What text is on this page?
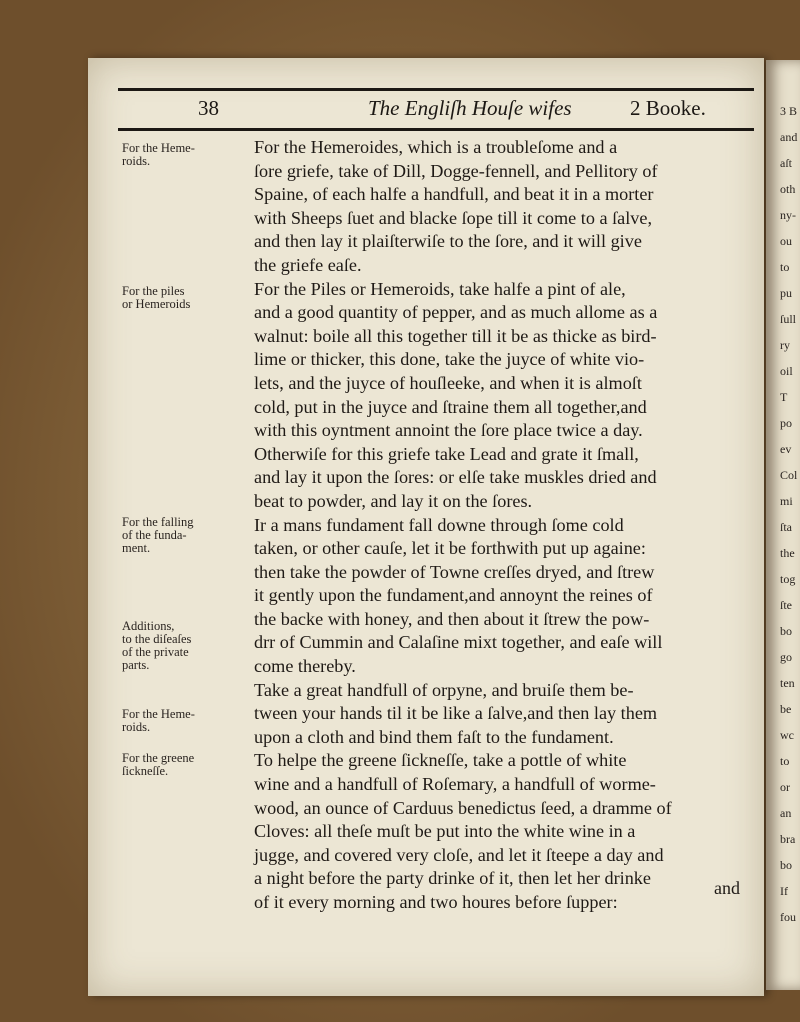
3 B
and
aſt
oth
ny-
ou
to
pu
ſull
ry
oil
T
po
ev
Col
mi
ſta
the
tog
ſte
bo
go
ten
be
wc
to
or
an
bra
bo
If
fou
38	The Engliſh Houſe wifes	2 Booke.
For the Heme-
roids.
For the piles
or Hemeroids
For the falling
of the funda-
ment.
Additions,
to the diſeaſes
of the private
parts.
For the Heme-
roids.
For the greene
ſickneſſe.
For the Hemeroides, which is a troubleſome and a
ſore griefe, take of Dill, Dogge-fennell, and Pellitory of
Spaine, of each halfe a handfull, and beat it in a morter
with Sheeps ſuet and blacke ſope till it come to a ſalve,
and then lay it plaiſterwiſe to the ſore, and it will give
the griefe eaſe.
For the Piles or Hemeroids, take halfe a pint of ale,
and a good quantity of pepper, and as much allome as a
walnut: boile all this together till it be as thicke as bird-
lime or thicker, this done, take the juyce of white vio-
lets, and the juyce of houſleeke, and when it is almoſt
cold, put in the juyce and ſtraine them all together,and
with this oyntment annoint the ſore place twice a day.
Otherwiſe for this griefe take Lead and grate it ſmall,
and lay it upon the ſores: or elſe take muskles dried and
beat to powder, and lay it on the ſores.
Ir a mans fundament fall downe through ſome cold
taken, or other cauſe, let it be forthwith put up againe:
then take the powder of Towne creſſes dryed, and ſtrew
it gently upon the fundament,and annoynt the reines of
the backe with honey, and then about it ſtrew the pow-
drr of Cummin and Calaſine mixt together, and eaſe will
come thereby.
Take a great handfull of orpyne, and bruiſe them be-
tween your hands til it be like a ſalve,and then lay them
upon a cloth and bind them faſt to the fundament.
To helpe the greene ſickneſſe, take a pottle of white
wine and a handfull of Roſemary, a handfull of worme-
wood, an ounce of Carduus benedictus ſeed, a dramme of
Cloves: all theſe muſt be put into the white wine in a
jugge, and covered very cloſe, and let it ſteepe a day and
a night before the party drinke of it, then let her drinke
of it every morning and two houres before ſupper:
and
